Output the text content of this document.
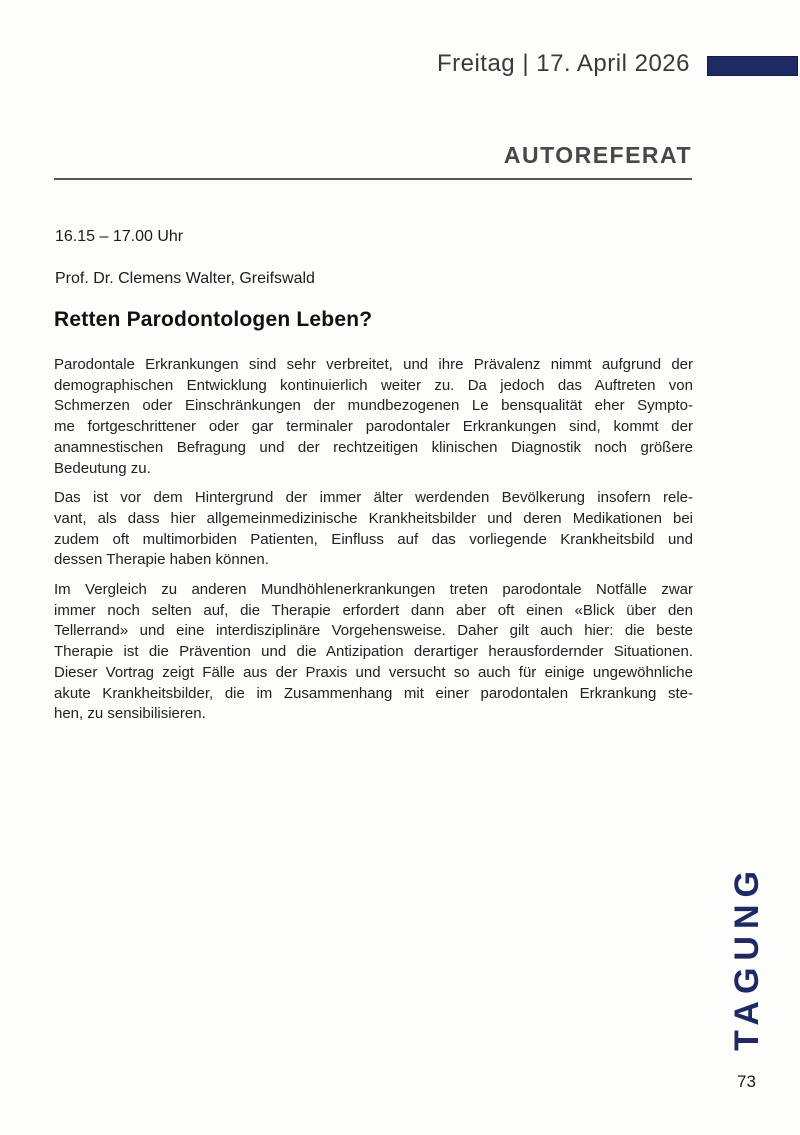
Freitag | 17. April 2026
AUTOREFERAT
16.15 – 17.00 Uhr
Prof. Dr. Clemens Walter, Greifswald
Retten Parodontologen Leben?
Parodontale Erkrankungen sind sehr verbreitet, und ihre Prävalenz nimmt aufgrund der
demographischen Entwicklung kontinuierlich weiter zu. Da jedoch das Auftreten von
Schmerzen oder Einschränkungen der mundbezogenen Le bensqualität eher Sympto-
me fortgeschrittener oder gar terminaler parodontaler Erkrankungen sind, kommt der
anamnestischen Befragung und der rechtzeitigen klinischen Diagnostik noch größere
Bedeutung zu.
Das ist vor dem Hintergrund der immer älter werdenden Bevölkerung insofern rele-
vant, als dass hier allgemeinmedizinische Krankheitsbilder und deren Medikationen bei
zudem oft multimorbiden Patienten, Einfluss auf das vorliegende Krankheitsbild und
dessen Therapie haben können.
Im Vergleich zu anderen Mundhöhlenerkrankungen treten parodontale Notfälle zwar
immer noch selten auf, die Therapie erfordert dann aber oft einen «Blick über den
Tellerrand» und eine interdisziplinäre Vorgehensweise. Daher gilt auch hier: die beste
Therapie ist die Prävention und die Antizipation derartiger herausfordernder Situationen.
Dieser Vortrag zeigt Fälle aus der Praxis und versucht so auch für einige ungewöhnliche
akute Krankheitsbilder, die im Zusammenhang mit einer parodontalen Erkrankung ste-
hen, zu sensibilisieren.
TAGUNG
73
